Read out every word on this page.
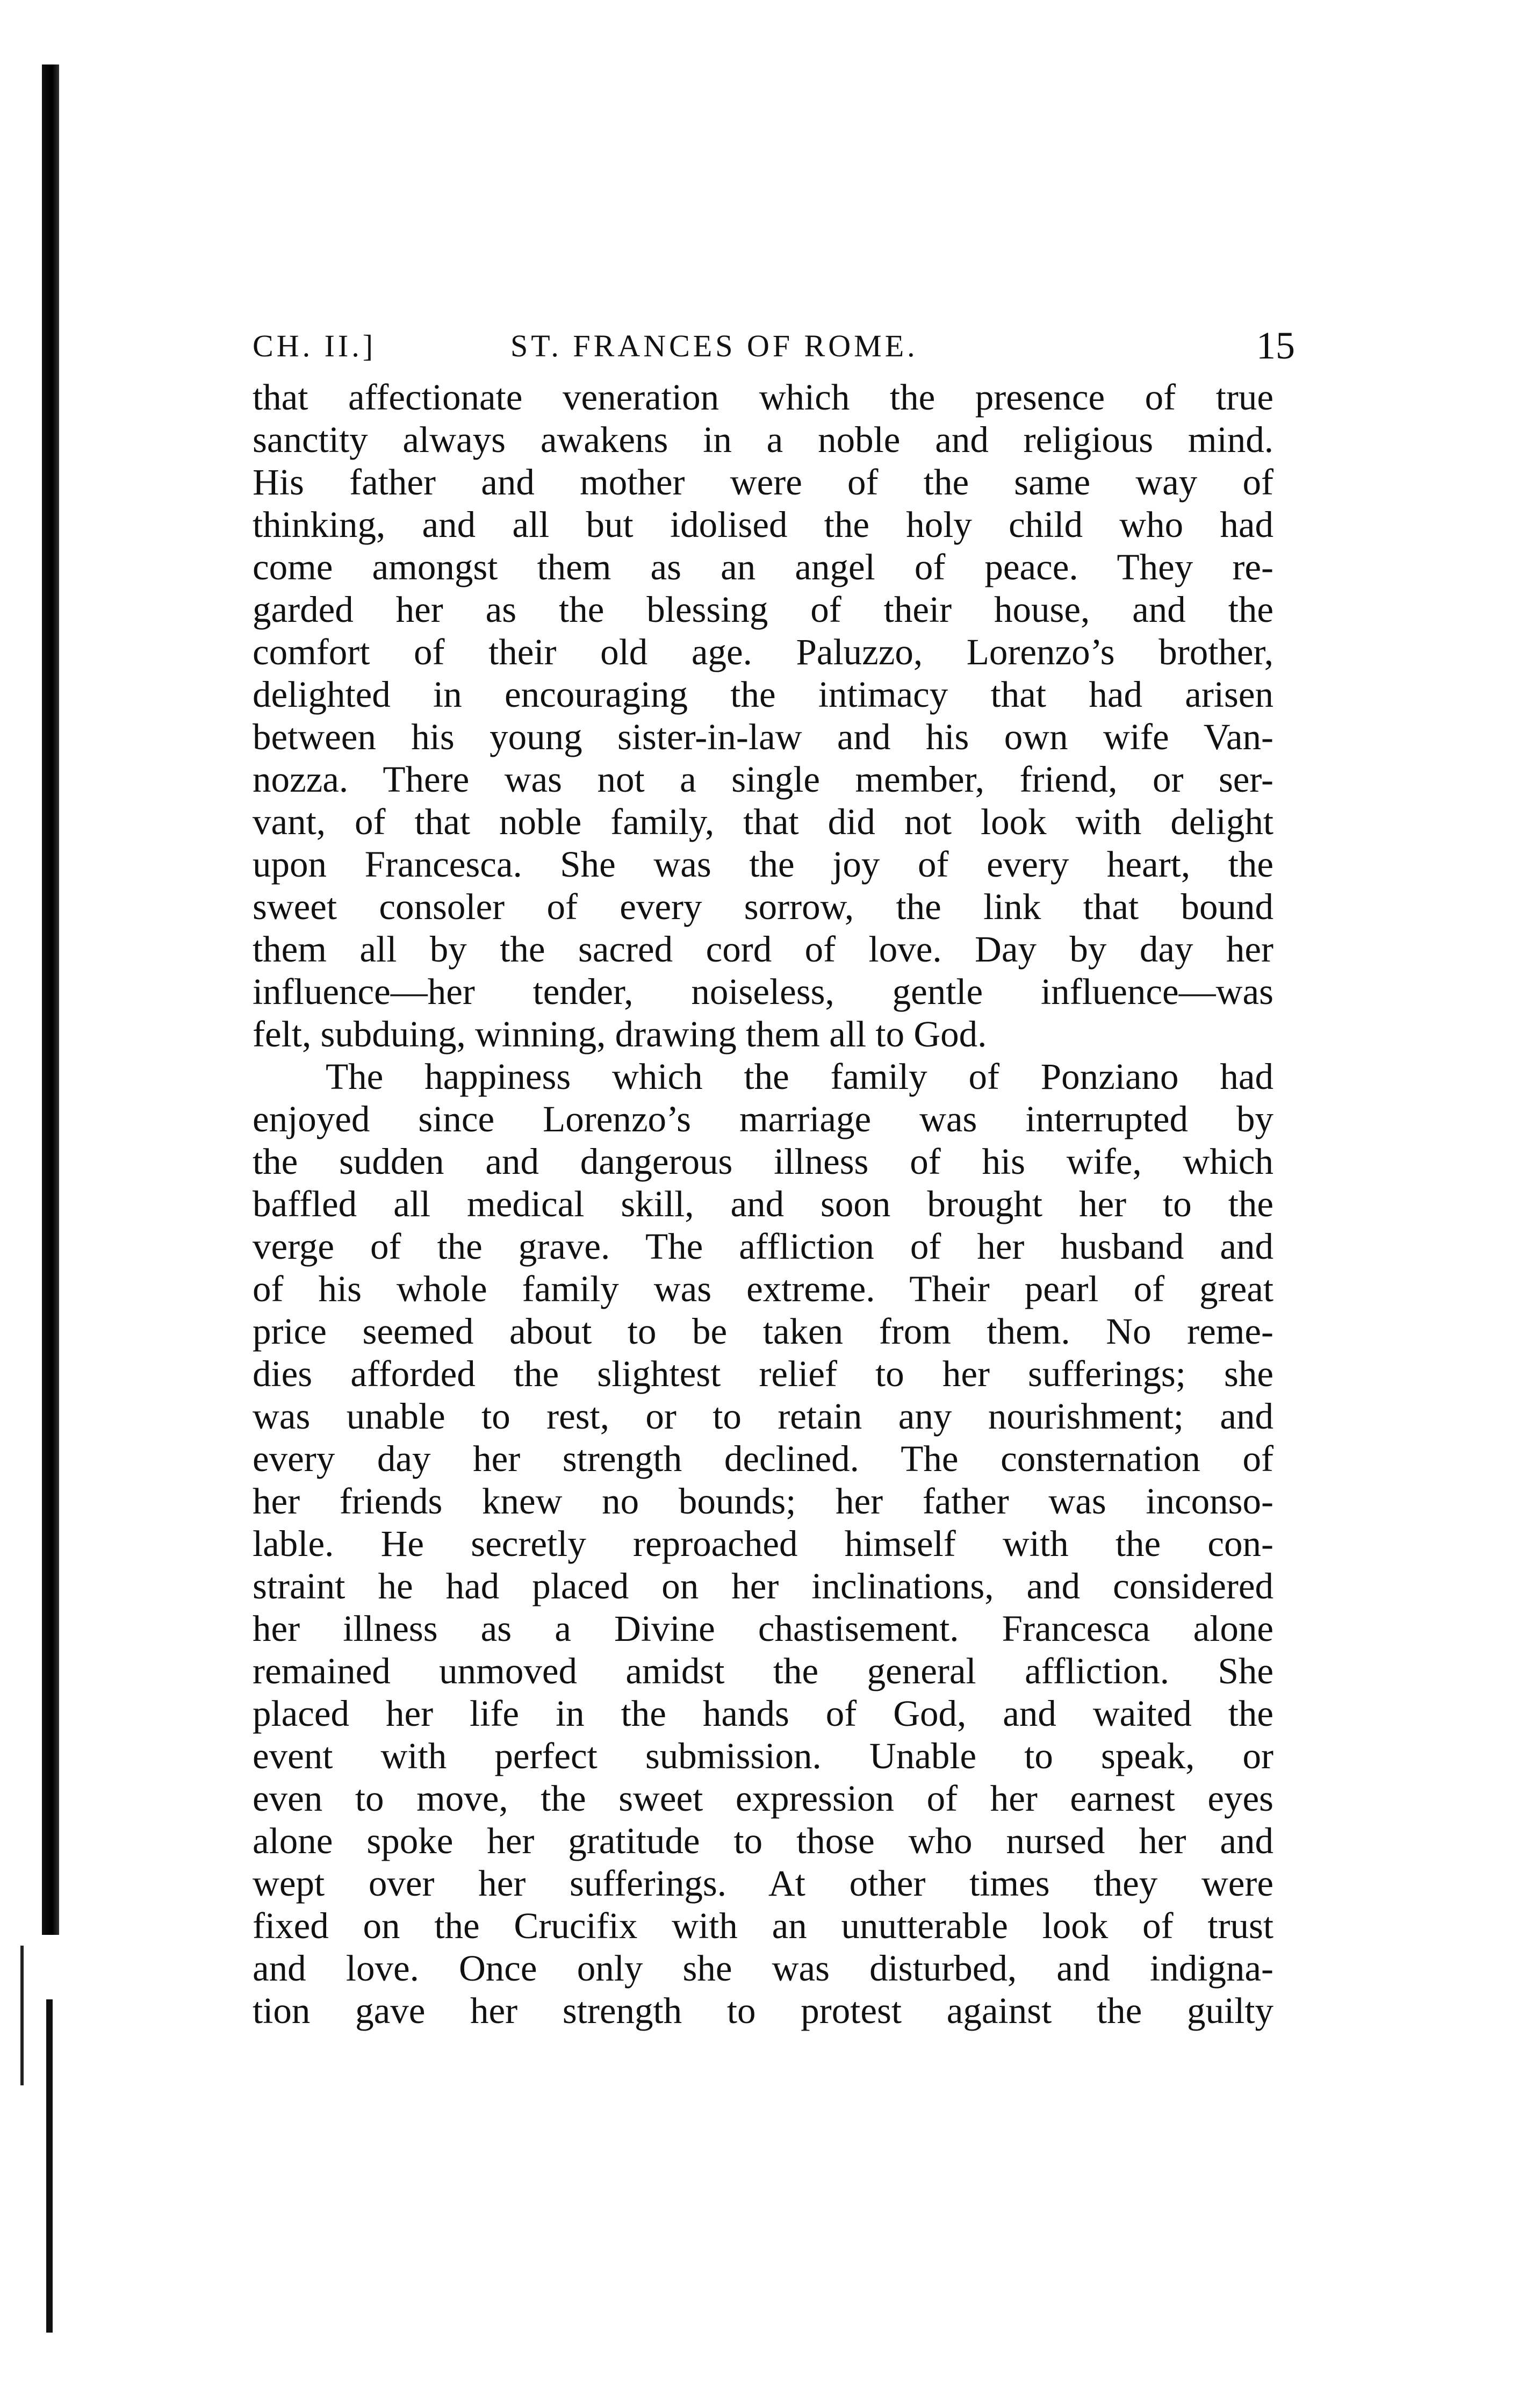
CH. II.]	ST. FRANCES OF ROME.	15
that affectionate veneration which the presence of true
sanctity always awakens in a noble and religious mind.
His father and mother were of the same way of
thinking, and all but idolised the holy child who had
come amongst them as an angel of peace. They re-
garded her as the blessing of their house, and the
comfort of their old age. Paluzzo, Lorenzo’s brother,
delighted in encouraging the intimacy that had arisen
between his young sister-in-law and his own wife Van-
nozza. There was not a single member, friend, or ser-
vant, of that noble family, that did not look with delight
upon Francesca. She was the joy of every heart, the
sweet consoler of every sorrow, the link that bound
them all by the sacred cord of love. Day by day her
influence—her tender, noiseless, gentle influence—was
felt, subduing, winning, drawing them all to God.
The happiness which the family of Ponziano had
enjoyed since Lorenzo’s marriage was interrupted by
the sudden and dangerous illness of his wife, which
baffled all medical skill, and soon brought her to the
verge of the grave. The affliction of her husband and
of his whole family was extreme. Their pearl of great
price seemed about to be taken from them. No reme-
dies afforded the slightest relief to her sufferings; she
was unable to rest, or to retain any nourishment; and
every day her strength declined. The consternation of
her friends knew no bounds; her father was inconso-
lable. He secretly reproached himself with the con-
straint he had placed on her inclinations, and considered
her illness as a Divine chastisement. Francesca alone
remained unmoved amidst the general affliction. She
placed her life in the hands of God, and waited the
event with perfect submission. Unable to speak, or
even to move, the sweet expression of her earnest eyes
alone spoke her gratitude to those who nursed her and
wept over her sufferings. At other times they were
fixed on the Crucifix with an unutterable look of trust
and love. Once only she was disturbed, and indigna-
tion gave her strength to protest against the guilty
